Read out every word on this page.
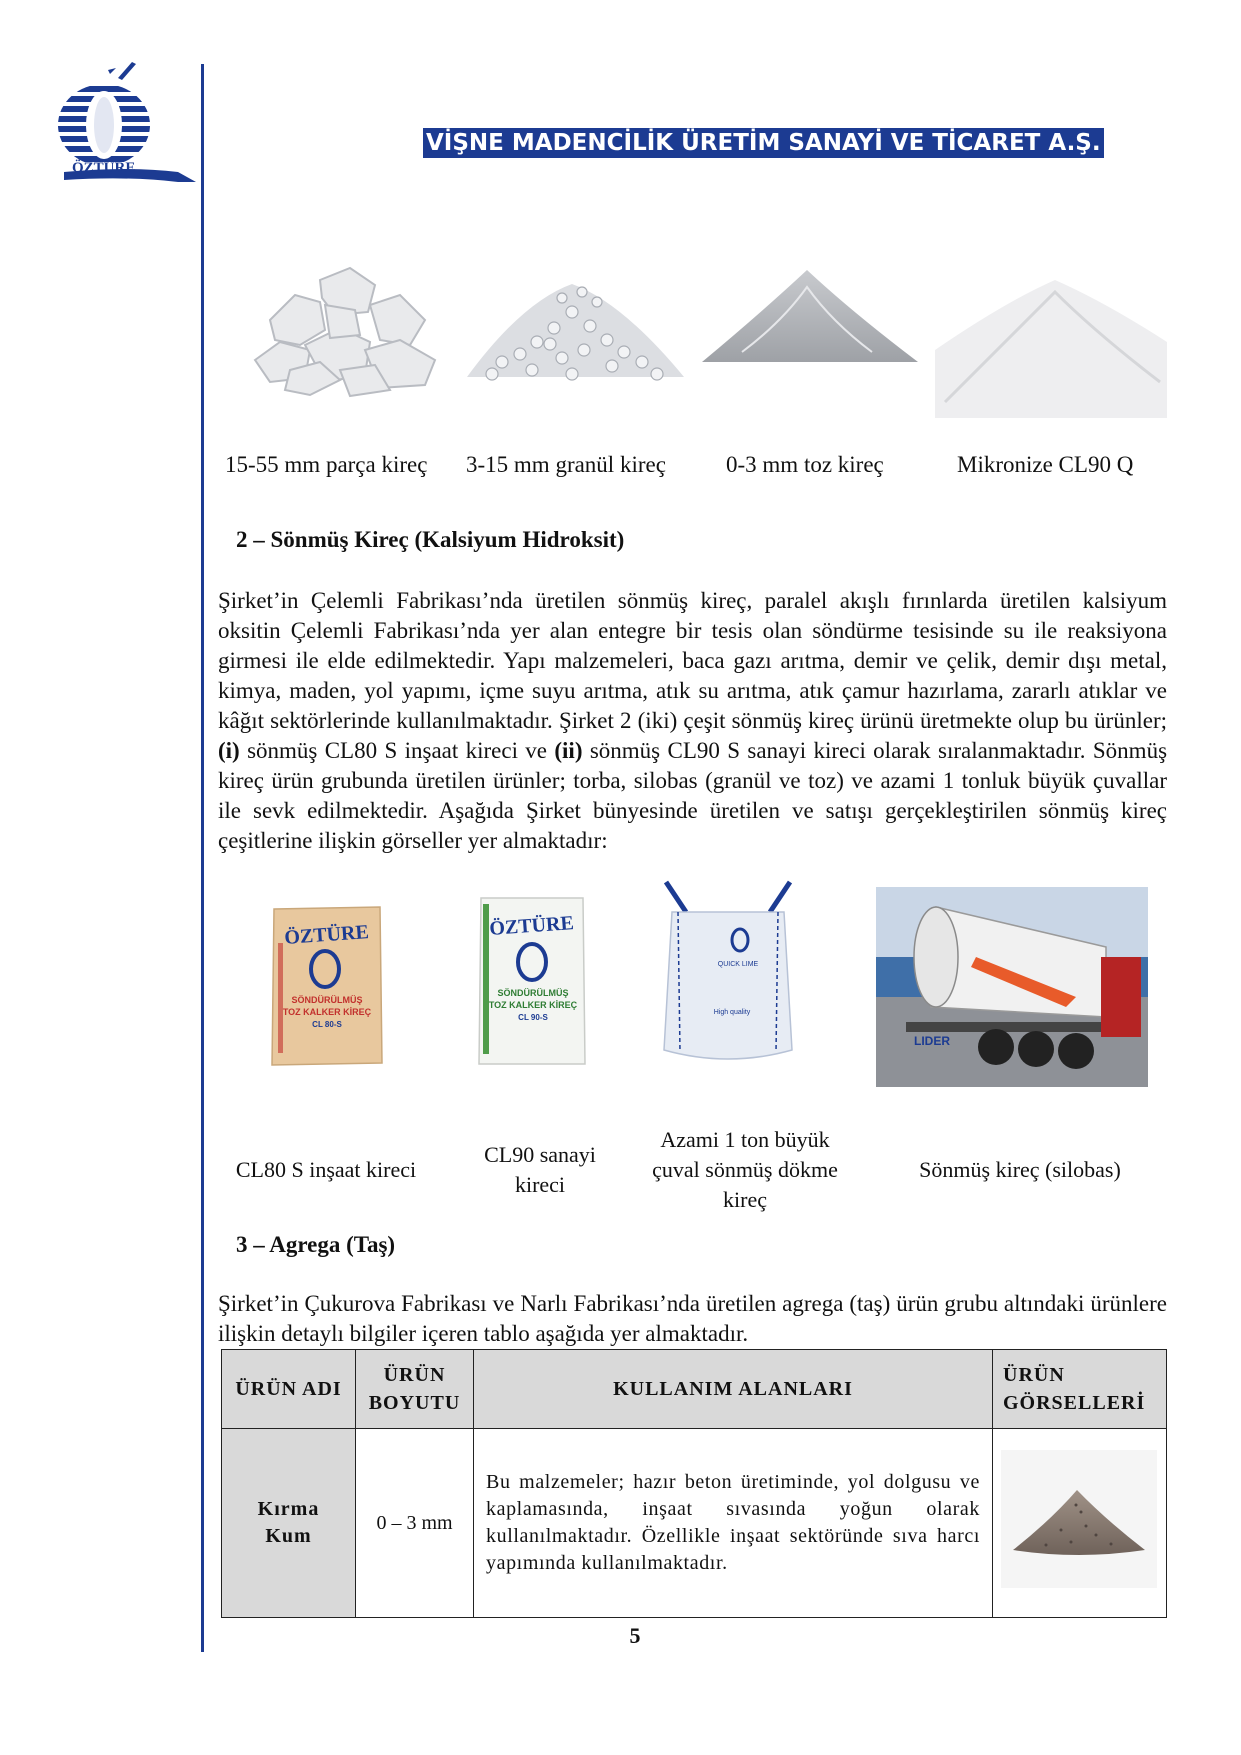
ÖZTÜRE
VİŞNE MADENCİLİK ÜRETİM SANAYİ VE TİCARET A.Ş.
15-55 mm parça kireç 3-15 mm granül kireç	0-3 mm toz kireç	Mikronize CL90 Q
2 – Sönmüş Kireç (Kalsiyum Hidroksit)

Şirket’in Çelemli Fabrikası’nda üretilen sönmüş kireç, paralel akışlı fırınlarda üretilen kalsiyum oksitin Çelemli Fabrikası’nda yer alan entegre bir tesis olan söndürme tesisinde su ile reaksiyona girmesi ile elde edilmektedir. Yapı malzemeleri, baca gazı arıtma, demir ve çelik, demir dışı metal, kimya, maden, yol yapımı, içme suyu arıtma, atık su arıtma, atık çamur hazırlama, zararlı atıklar ve kâğıt sektörlerinde kullanılmaktadır. Şirket 2 (iki) çeşit sönmüş kireç ürünü üretmekte olup bu ürünler; (i) sönmüş CL80 S inşaat kireci ve (ii) sönmüş CL90 S sanayi kireci olarak sıralanmaktadır. Sönmüş kireç ürün grubunda üretilen ürünler; torba, silobas (granül ve toz) ve azami 1 tonluk büyük çuvallar ile sevk edilmektedir. Aşağıda Şirket bünyesinde üretilen ve satışı gerçekleştirilen sönmüş kireç çeşitlerine ilişkin görseller yer almaktadır:

ÖZTÜRE
SÖNDÜRÜLMÜŞ
TOZ KALKER KİREÇ
CL 80-S
ÖZTÜRE
SÖNDÜRÜLMÜŞ
TOZ KALKER KİREÇ
CL 90-S
QUICK LIME
High quality
LIDER
CL80 S inşaat kireci
CL90 sanayi kireci
Azami 1 ton büyük çuval sönmüş dökme kireç
Sönmüş kireç (silobas)
3 – Agrega (Taş)

Şirket’in Çukurova Fabrikası ve Narlı Fabrikası’nda üretilen agrega (taş) ürün grubu altındaki ürünlere ilişkin detaylı bilgiler içeren tablo aşağıda yer almaktadır.

ÜRÜN ADI	ÜRÜN BOYUTU	KULLANIM ALANLARI	ÜRÜN GÖRSELLERİ
Kırma Kum	0 – 3 mm	Bu malzemeler; hazır beton üretiminde, yol dolgusu ve kaplamasında, inşaat sıvasında yoğun olarak kullanılmaktadır. Özellikle inşaat sektöründe sıva harcı yapımında kullanılmaktadır.	
5
